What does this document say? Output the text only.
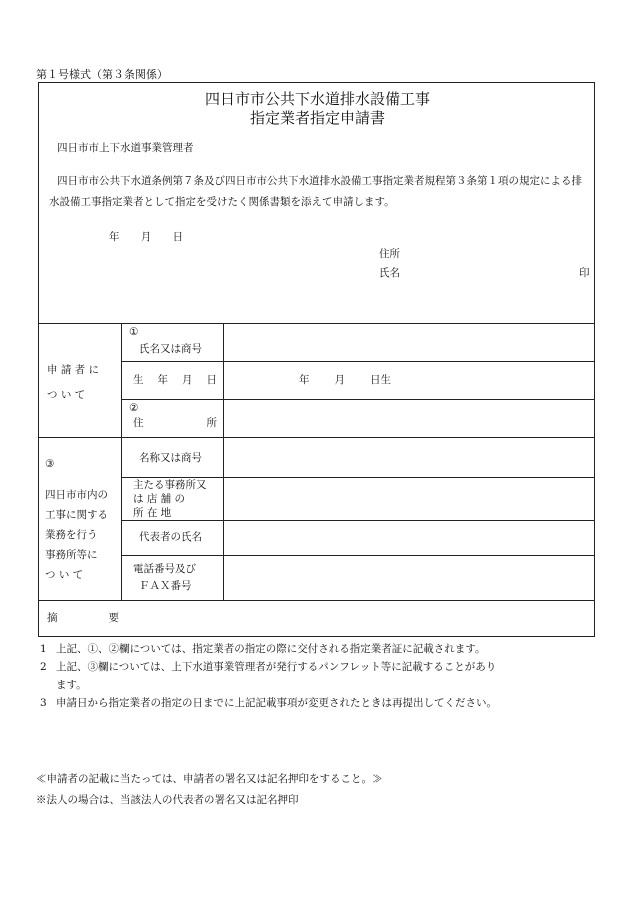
第１号様式（第３条関係）
四日市市公共下水道排水設備工事
指定業者指定申請書
四日市市上下水道事業管理者
四日市市公共下水道条例第７条及び四日市市公共下水道排水設備工事指定業者規程第３条第１項の規定による排水設備工事指定業者として指定を受けたく関係書類を添えて申請します。
年 月 日
住所
氏名	印
申 請 者 に
つ い て
①
氏名又は商号
生 年 月 日	年 月 日生
②
住	所
③
四日市市内の
工事に関する
業務を行う
事務所等に
つ い て
名称又は商号
主たる事務所又
は 店 舗 の
所 在 地
代表者の氏名
電話番号及び
ＦＡＸ番号
摘	要
1 上記、①、②欄については、指定業者の指定の際に交付される指定業者証に記載されます。
2 上記、③欄については、上下水道事業管理者が発行するパンフレット等に記載することがあり
ます。
3 申請日から指定業者の指定の日までに上記記載事項が変更されたときは再提出してください。
≪申請者の記載に当たっては、申請者の署名又は記名押印をすること。≫
※法人の場合は、当該法人の代表者の署名又は記名押印
